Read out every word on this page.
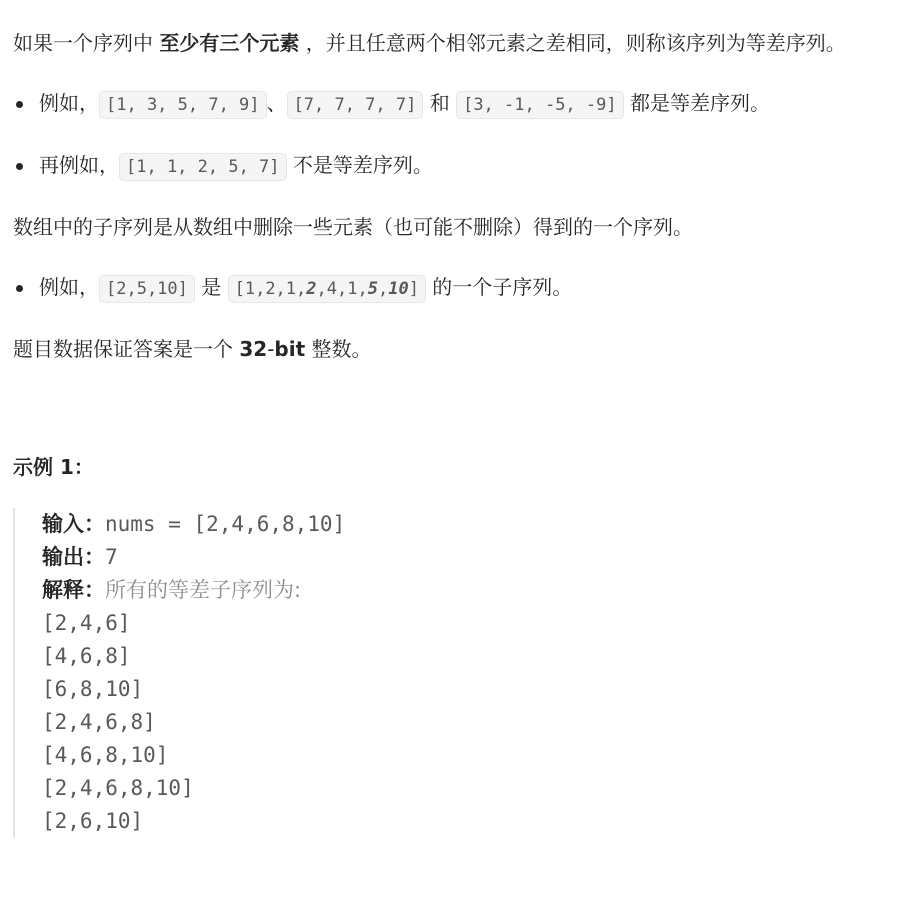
如果一个序列中 至少有三个元素 ，并且任意两个相邻元素之差相同，则称该序列为等差序列。

例如， [1, 3, 5, 7, 9] 、 [7, 7, 7, 7] 和 [3, -1, -5, -9] 都是等差序列。
再例如， [1, 1, 2, 5, 7] 不是等差序列。

数组中的子序列是从数组中删除一些元素（也可能不删除）得到的一个序列。

例如， [2,5,10] 是 [1,2,1,2,4,1,5,10] 的一个子序列。

题目数据保证答案是一个 32-bit 整数。

示例 1：
输入：nums = [2,4,6,8,10]
输出：7
解释：所有的等差子序列为:
[2,4,6]
[4,6,8]
[6,8,10]
[2,4,6,8]
[4,6,8,10]
[2,4,6,8,10]
[2,6,10]
